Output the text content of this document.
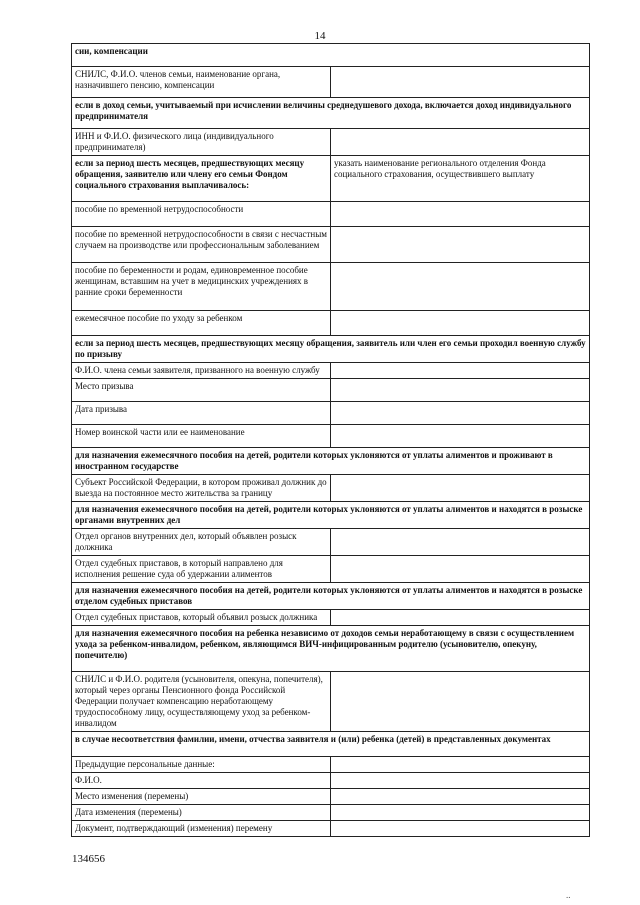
14
сии, компенсации	
СНИЛС, Ф.И.О. членов семьи, наименование органа, назначившего пенсию, компенсации	
если в доход семьи, учитываемый при исчислении величины среднедушевого дохода, включается доход индивидуального предпринимателя	
ИНН и Ф.И.О. физического лица (индивидуального предпринимателя)	
если за период шесть месяцев, предшествующих месяцу обращения, заявителю или члену его семьи Фондом социального страхования выплачивалось:	указать наименование регионального отделения Фонда социального страхования, осуществившего выплату
пособие по временной нетрудоспособности	
пособие по временной нетрудоспособности в связи с несчастным случаем на производстве или профессиональным заболеванием	
пособие по беременности и родам, единовременное пособие женщинам, вставшим на учет в медицинских учреждениях в ранние сроки беременности	
ежемесячное пособие по уходу за ребенком	
если за период шесть месяцев, предшествующих месяцу обращения, заявитель или член его семьи проходил военную службу по призыву	
Ф.И.О. члена семьи заявителя, призванного на военную службу	
Место призыва	
Дата призыва	
Номер воинской части или ее наименование	
для назначения ежемесячного пособия на детей, родители которых уклоняются от уплаты алиментов и проживают в иностранном государстве	
Субъект Российской Федерации, в котором проживал должник до выезда на постоянное место жительства за границу	
для назначения ежемесячного пособия на детей, родители которых уклоняются от уплаты алиментов и находятся в розыске органами внутренних дел	
Отдел органов внутренних дел, который объявлен розыск должника	
Отдел судебных приставов, в который направлено для исполнения решение суда об удержании алиментов	
для назначения ежемесячного пособия на детей, родители которых уклоняются от уплаты алиментов и находятся в розыске отделом судебных приставов	
Отдел судебных приставов, который объявил розыск должника	
для назначения ежемесячного пособия на ребенка независимо от доходов семьи неработающему в связи с осуществлением ухода за ребенком-инвалидом, ребенком, являющимся ВИЧ-инфицированным родителю (усыновителю, опекуну, попечителю)	
СНИЛС и Ф.И.О. родителя (усыновителя, опекуна, попечителя), который через органы Пенсионного фонда Российской Федерации получает компенсацию неработающему трудоспособному лицу, осуществляющему уход за ребенком-инвалидом	
в случае несоответствия фамилии, имени, отчества заявителя и (или) ребенка (детей) в представленных документах	
Предыдущие персональные данные:	
Ф.И.О.	
Место изменения (перемены)	
Дата изменения (перемены)	
Документ, подтверждающий (изменения) перемену	
134656
..
